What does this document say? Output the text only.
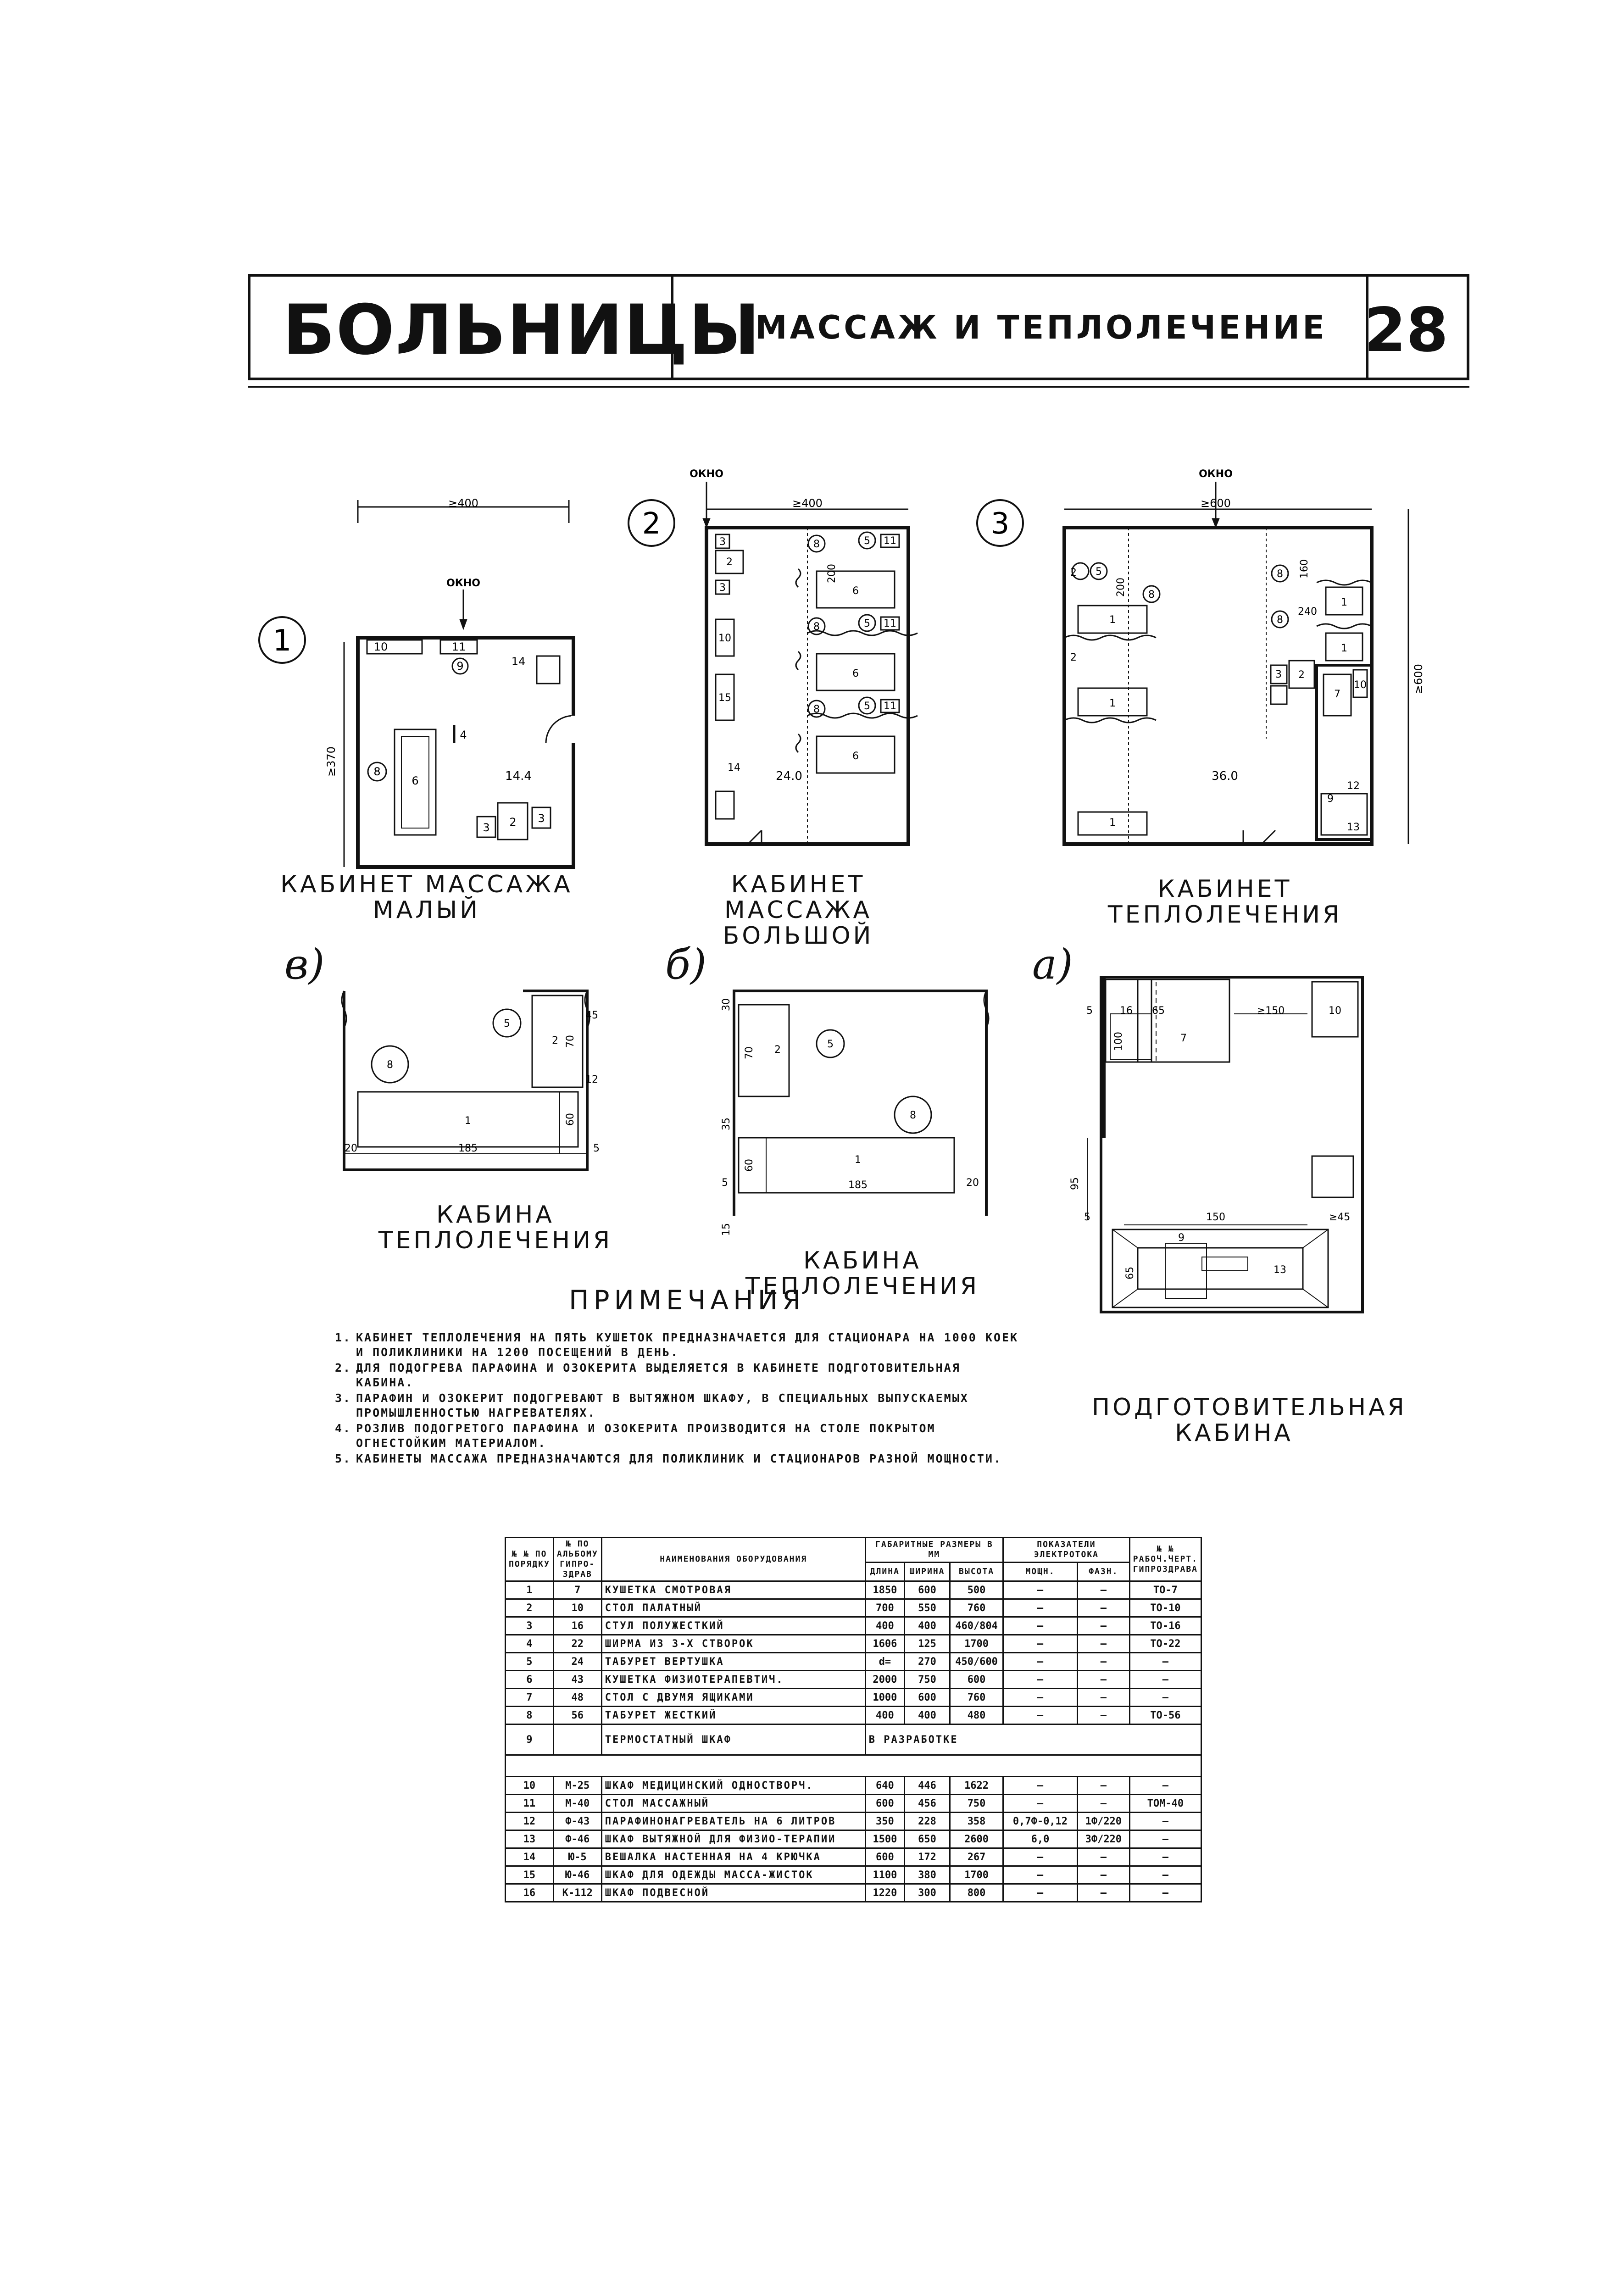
БОЛЬНИЦЫ
МАССАЖ И ТЕПЛОЛЕЧЕНИЕ 28
≥400
ОКНО
≥370	14.4
10	11
9	14
4
6
8
3 2 3
1
КАБИНЕТ МАССАЖА МАЛЫЙ
ОКНО
≥400
24.0
3
2
3
10
15
14
8	5 11
6
200
8	5 11
6
8	5 11
6
2
КАБИНЕТ МАССАЖА БОЛЬШОЙ
ОКНО
≥600
≥600
36.0
2 5
8
1
200
2
1
1
8 160
1
8
240
1
3 2
7
10
12
9
13
3
КАБИНЕТ ТЕПЛОЛЕЧЕНИЯ
5
2 70
8
1
185
60
20	5
45
12
в)
КАБИНА ТЕПЛОЛЕЧЕНИЯ
30
70 2	5
8
1
35
60
185
5	20
15
б)
КАБИНА ТЕПЛОЛЕЧЕНИЯ
16 65	≥150	10
7
100
5
95
150	≥45
9
13
65
5
а)
ПОДГОТОВИТЕЛЬНАЯ КАБИНА
ПРИМЕЧАНИЯ
1. КАБИНЕТ ТЕПЛОЛЕЧЕНИЯ НА ПЯТЬ КУШЕТОК ПРЕДНАЗНАЧАЕТСЯ ДЛЯ СТАЦИОНАРА НА 1000 КОЕК И ПОЛИКЛИНИКИ НА 1200 ПОСЕЩЕНИЙ В ДЕНЬ.
2. ДЛЯ ПОДОГРЕВА ПАРАФИНА И ОЗОКЕРИТА ВЫДЕЛЯЕТСЯ В КАБИНЕТЕ ПОДГОТОВИТЕЛЬНАЯ КАБИНА.
3. ПАРАФИН И ОЗОКЕРИТ ПОДОГРЕВАЮТ В ВЫТЯЖНОМ ШКАФУ, В СПЕЦИАЛЬНЫХ ВЫПУСКАЕМЫХ ПРОМЫШЛЕННОСТЬЮ НАГРЕВАТЕЛЯХ.
4. РОЗЛИВ ПОДОГРЕТОГО ПАРАФИНА И ОЗОКЕРИТА ПРОИЗВОДИТСЯ НА СТОЛЕ ПОКРЫТОМ ОГНЕСТОЙКИМ МАТЕРИАЛОМ.
5. КАБИНЕТЫ МАССАЖА ПРЕДНАЗНАЧАЮТСЯ ДЛЯ ПОЛИКЛИНИК И СТАЦИОНАРОВ РАЗНОЙ МОЩНОСТИ.
№ № ПО ПОРЯДКУ	№ ПО АЛЬБОМУ ГИПРО-ЗДРАВ	НАИМЕНОВАНИЯ ОБОРУДОВАНИЯ	ГАБАРИТНЫЕ РАЗМЕРЫ В ММ			ПОКАЗАТЕЛИ ЭЛЕКТРОТОКА		№ № РАБОЧ.ЧЕРТ. ГИПРОЗДРАВА
			ДЛИНА	ШИРИНА	ВЫСОТА	МОЩН.	ФАЗН.	
1	7	КУШЕТКА СМОТРОВАЯ	1850	600	500	—	—	ТО-7
2	10	СТОЛ ПАЛАТНЫЙ	700	550	760	—	—	ТО-10
3	16	СТУЛ ПОЛУЖЕСТКИЙ	400	400	460/804	—	—	ТО-16
4	22	ШИРМА ИЗ 3-Х СТВОРОК	1606	125	1700	—	—	ТО-22
5	24	ТАБУРЕТ ВЕРТУШКА	d=	270	450/600	—	—	—
6	43	КУШЕТКА ФИЗИОТЕРАПЕВТИЧ.	2000	750	600	—	—	—
7	48	СТОЛ С ДВУМЯ ЯЩИКАМИ	1000	600	760	—	—	—
8	56	ТАБУРЕТ ЖЕСТКИЙ	400	400	480	—	—	ТО-56
9		ТЕРМОСТАТНЫЙ ШКАФ	В РАЗРАБОТКЕ					

10	М-25	ШКАФ МЕДИЦИНСКИЙ ОДНОСТВОРЧ.	640	446	1622	—	—	—
11	М-40	СТОЛ МАССАЖНЫЙ	600	456	750	—	—	ТОМ-40
12	Ф-43	ПАРАФИНОНАГРЕВАТЕЛЬ НА 6 ЛИТРОВ	350	228	358	0,7Ф-0,12	1Ф/220	—
13	Ф-46	ШКАФ ВЫТЯЖНОЙ ДЛЯ ФИЗИО-ТЕРАПИИ	1500	650	2600	6,0	3Ф/220	—
14	Ю-5	ВЕШАЛКА НАСТЕННАЯ НА 4 КРЮЧКА	600	172	267	—	—	—
15	Ю-46	ШКАФ ДЛЯ ОДЕЖДЫ МАССА-ЖИСТОК	1100	380	1700	—	—	—
16	К-112	ШКАФ ПОДВЕСНОЙ	1220	300	800	—	—	—
